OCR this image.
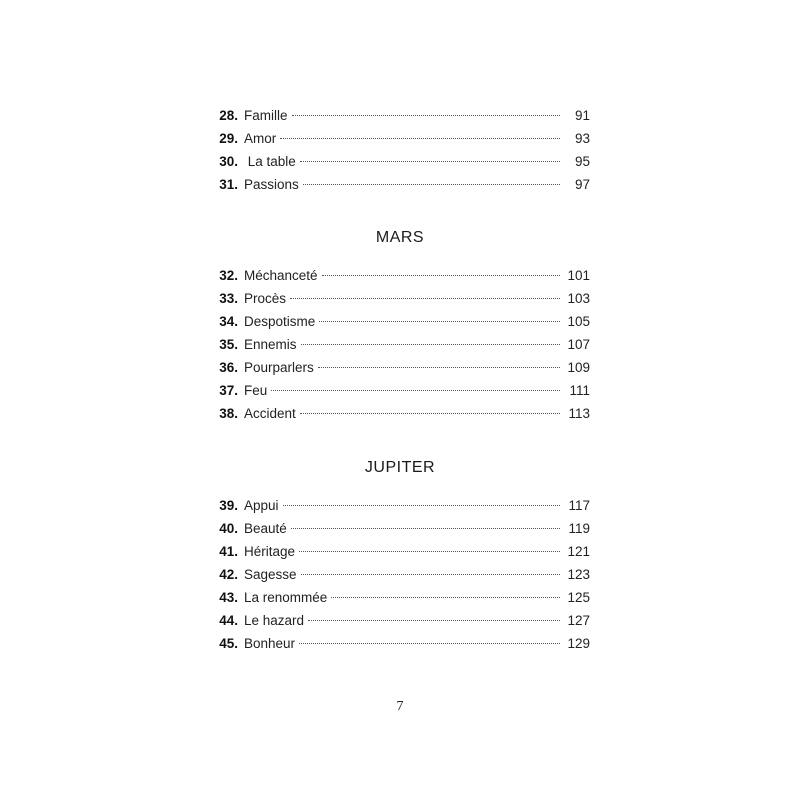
28. Famille	91
29. Amor	93
30. La table	95
31. Passions	97
MARS
32. Méchanceté	101
33. Procès	103
34. Despotisme	105
35. Ennemis	107
36. Pourparlers	109
37. Feu	111
38. Accident	113
JUPITER
39. Appui	117
40. Beauté	119
41. Héritage	121
42. Sagesse	123
43. La renommée	125
44. Le hazard	127
45. Bonheur	129
7
